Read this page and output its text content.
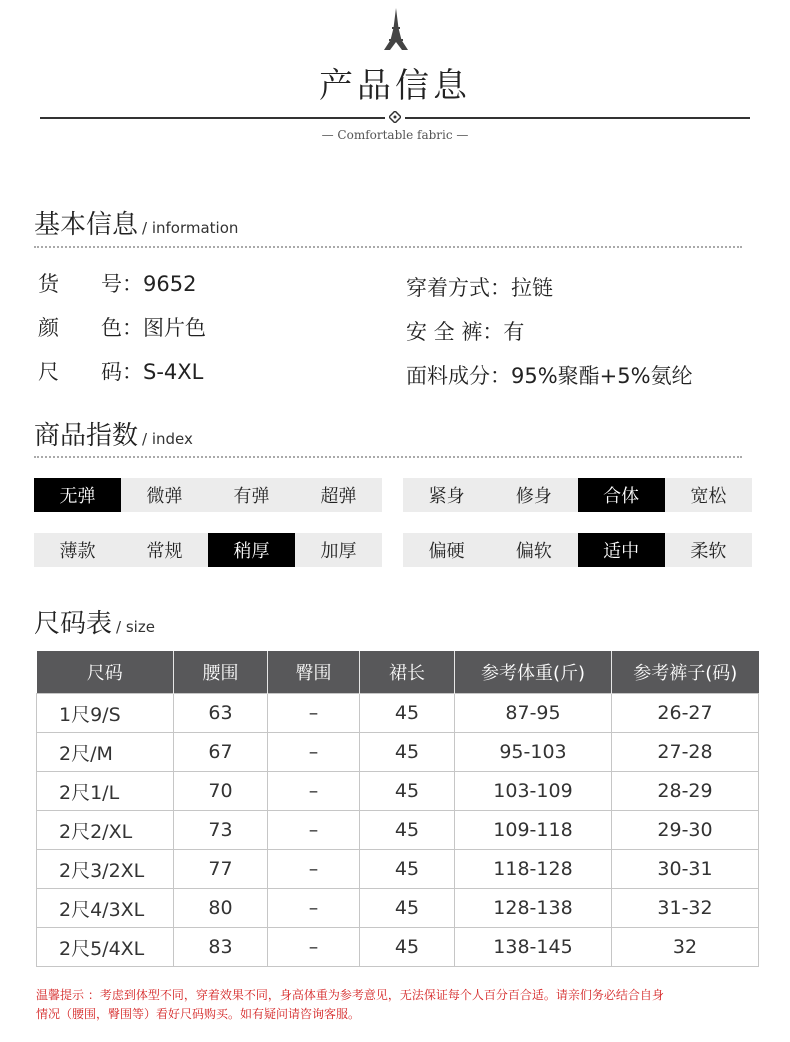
产品信息
— Comfortable fabric —
基本信息 / information
货　　号：9652
颜　　色：图片色
尺　　码：S-4XL
穿着方式：拉链
安 全 裤：有
面料成分：95%聚酯+5%氨纶
商品指数 / index
无弹	微弹	有弹	超弹	紧身	修身	合体	宽松
薄款	常规	稍厚	加厚	偏硬	偏软	适中	柔软
尺码表 / size
尺码	腰围	臀围	裙长	参考体重(斤)	参考裤子(码)
1尺9/S	63	–	45	87-95	26-27
2尺/M	67	–	45	95-103	27-28
2尺1/L	70	–	45	103-109	28-29
2尺2/XL	73	–	45	109-118	29-30
2尺3/2XL	77	–	45	118-128	30-31
2尺4/3XL	80	–	45	128-138	31-32
2尺5/4XL	83	–	45	138-145	32
温馨提示 ：考虑到体型不同，穿着效果不同，身高体重为参考意见，无法保证每个人百分百合适。请亲们务必结合自身
情况（腰围，臀围等）看好尺码购买。如有疑问请咨询客服。
